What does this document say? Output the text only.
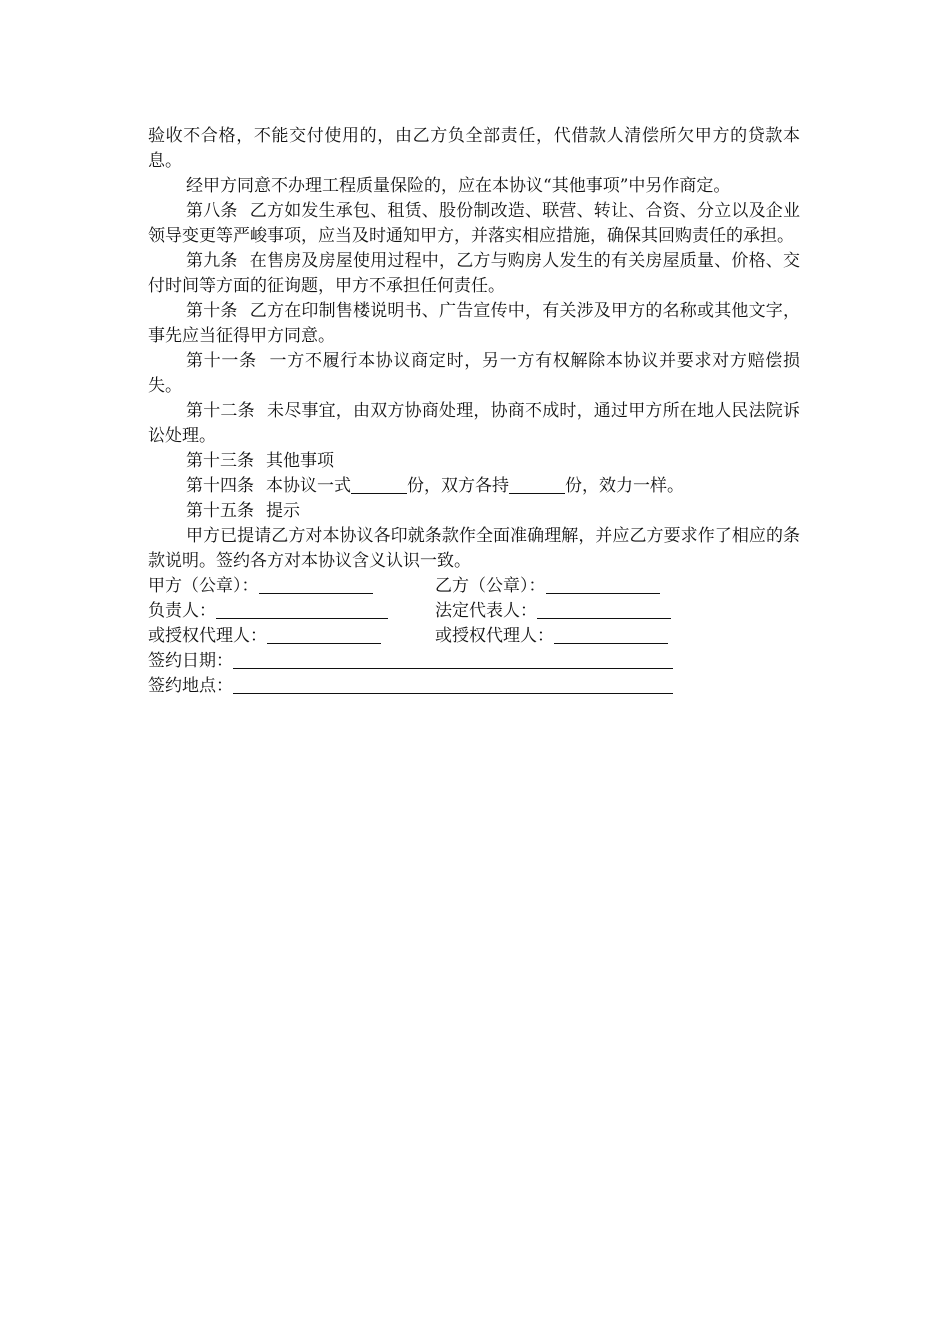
验收不合格，不能交付使用的，由乙方负全部责任，代借款人清偿所欠甲方的贷款本息。

经甲方同意不办理工程质量保险的，应在本协议“其他事项”中另作商定。

第八条 乙方如发生承包、租赁、股份制改造、联营、转让、合资、分立以及企业领导变更等严峻事项，应当及时通知甲方，并落实相应措施，确保其回购责任的承担。

第九条 在售房及房屋使用过程中，乙方与购房人发生的有关房屋质量、价格、交付时间等方面的征询题，甲方不承担任何责任。

第十条 乙方在印制售楼说明书、广告宣传中，有关涉及甲方的名称或其他文字，事先应当征得甲方同意。

第十一条 一方不履行本协议商定时，另一方有权解除本协议并要求对方赔偿损失。

第十二条 未尽事宜，由双方协商处理，协商不成时，通过甲方所在地人民法院诉讼处理。

第十三条 其他事项

第十四条 本协议一式	份，双方各持	份，效力一样。

第十五条 提示

甲方已提请乙方对本协议各印就条款作全面准确理解，并应乙方要求作了相应的条款说明。签约各方对本协议含义认识一致。

甲方（公章）：	乙方（公章）：
负责人：	法定代表人：
或授权代理人：	或授权代理人：
签约日期：
签约地点：
